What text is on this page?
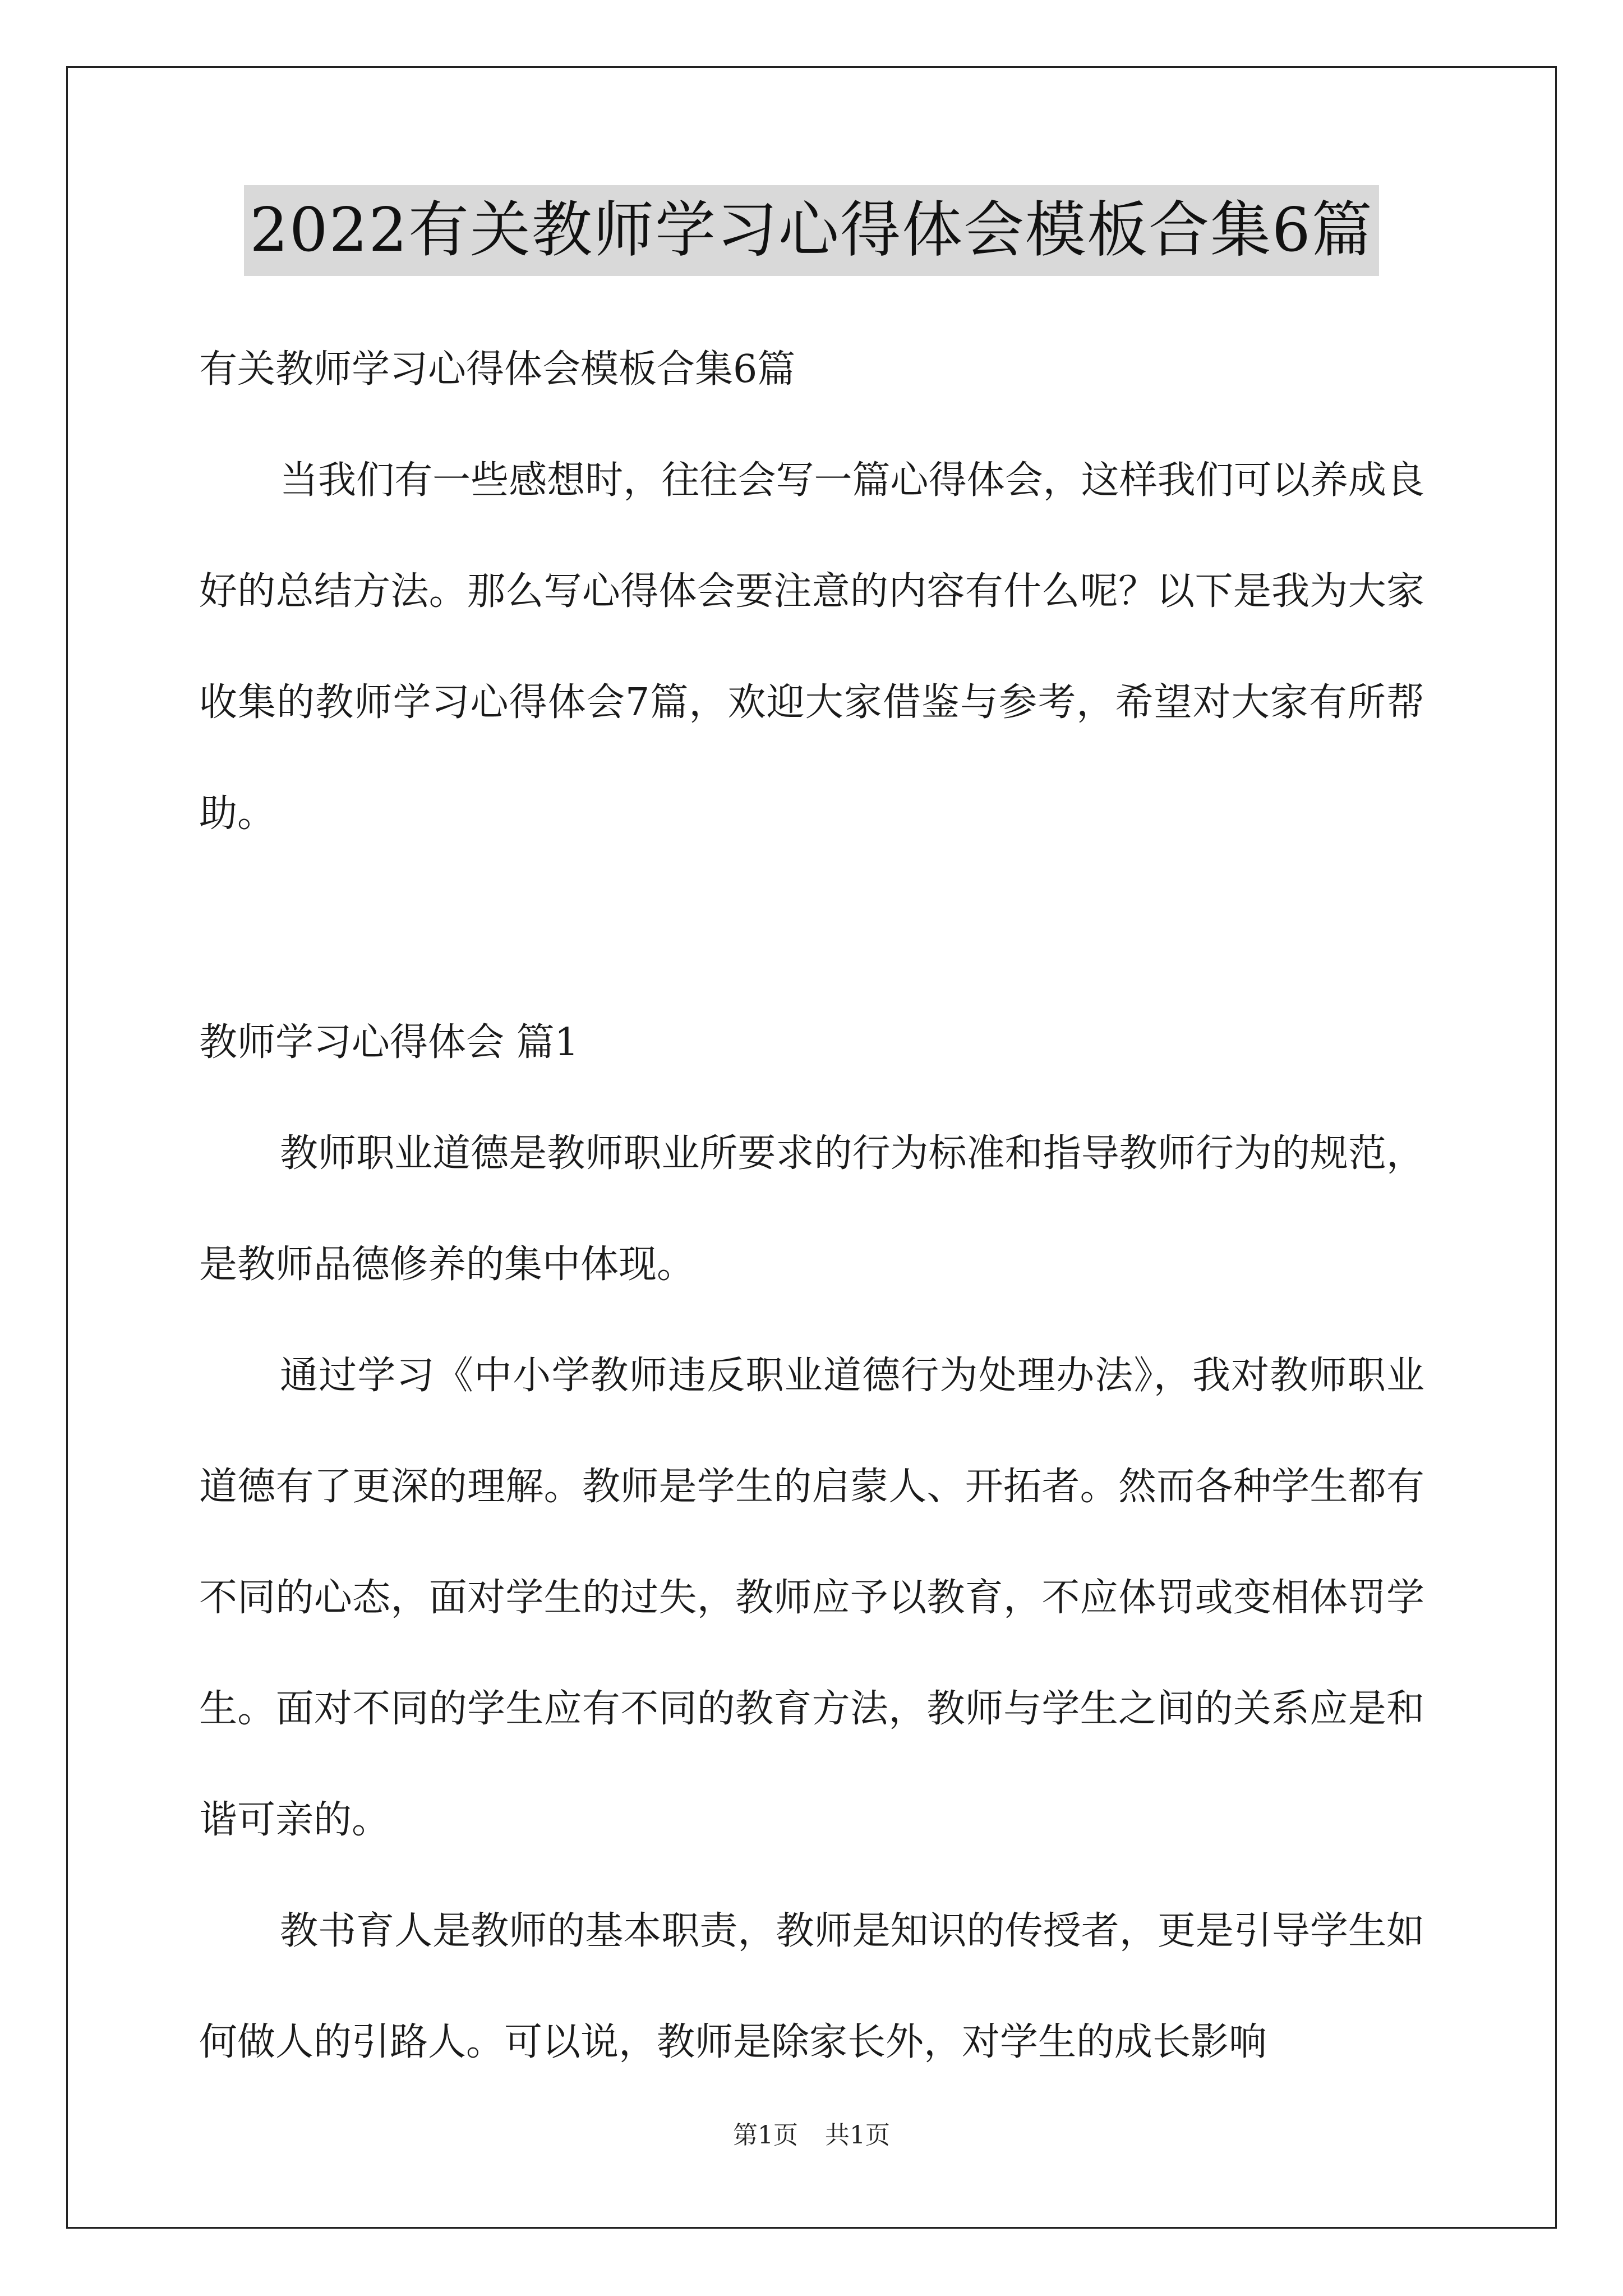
2022有关教师学习心得体会模板合集6篇

有关教师学习心得体会模板合集6篇

当我们有一些感想时，往往会写一篇心得体会，这样我们可以养成良好的总结方法。那么写心得体会要注意的内容有什么呢？以下是我为大家收集的教师学习心得体会7篇，欢迎大家借鉴与参考，希望对大家有所帮助。

教师学习心得体会 篇1

教师职业道德是教师职业所要求的行为标准和指导教师行为的规范，是教师品德修养的集中体现。

通过学习《中小学教师违反职业道德行为处理办法》，我对教师职业道德有了更深的理解。教师是学生的启蒙人、开拓者。然而各种学生都有不同的心态，面对学生的过失，教师应予以教育，不应体罚或变相体罚学生。面对不同的学生应有不同的教育方法，教师与学生之间的关系应是和谐可亲的。

教书育人是教师的基本职责，教师是知识的传授者，更是引导学生如何做人的引路人。可以说，教师是除家长外，对学生的成长影响

第1页 共1页
